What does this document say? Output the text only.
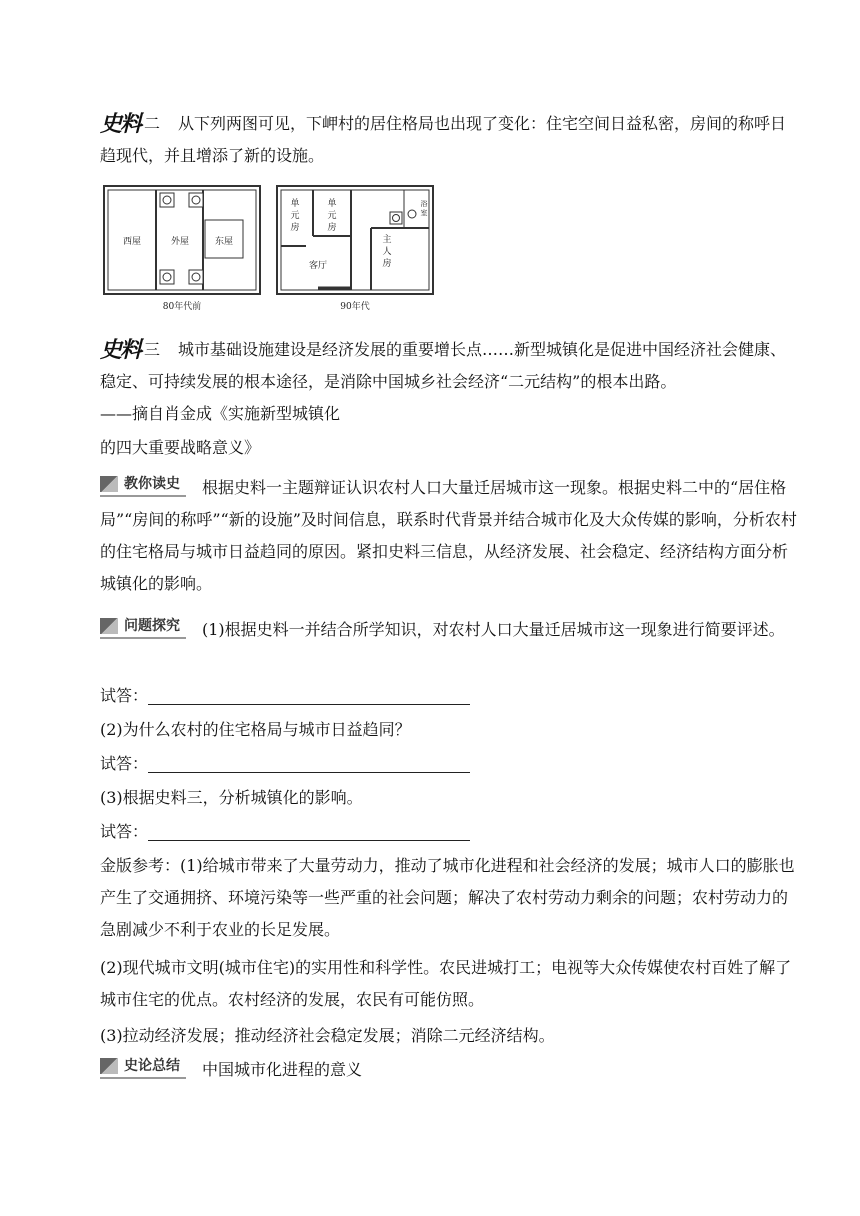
史料 二 从下列两图可见，下岬村的居住格局也出现了变化：住宅空间日益私密，房间的称呼日趋现代，并且增添了新的设施。

西屋	外屋	东屋
80年代前
单元房
单元房
浴室
客厅
主人房
90年代

史料 三 城市基础设施建设是经济发展的重要增长点……新型城镇化是促进中国经济社会健康、稳定、可持续发展的根本途径，是消除中国城乡社会经济“二元结构”的根本出路。

——摘自肖金成《实施新型城镇化

的四大重要战略意义》

教你读史 根据史料一主题辩证认识农村人口大量迁居城市这一现象。根据史料二中的“居住格局”“房间的称呼”“新的设施”及时间信息，联系时代背景并结合城市化及大众传媒的影响，分析农村的住宅格局与城市日益趋同的原因。紧扣史料三信息，从经济发展、社会稳定、经济结构方面分析城镇化的影响。

问题探究 (1)根据史料一并结合所学知识，对农村人口大量迁居城市这一现象进行简要评述。

试答：

(2)为什么农村的住宅格局与城市日益趋同？

试答：

(3)根据史料三，分析城镇化的影响。

试答：

金版参考：(1)给城市带来了大量劳动力，推动了城市化进程和社会经济的发展；城市人口的膨胀也产生了交通拥挤、环境污染等一些严重的社会问题；解决了农村劳动力剩余的问题；农村劳动力的急剧减少不利于农业的长足发展。

(2)现代城市文明(城市住宅)的实用性和科学性。农民进城打工；电视等大众传媒使农村百姓了解了城市住宅的优点。农村经济的发展，农民有可能仿照。

(3)拉动经济发展；推动经济社会稳定发展；消除二元经济结构。

史论总结 中国城市化进程的意义
